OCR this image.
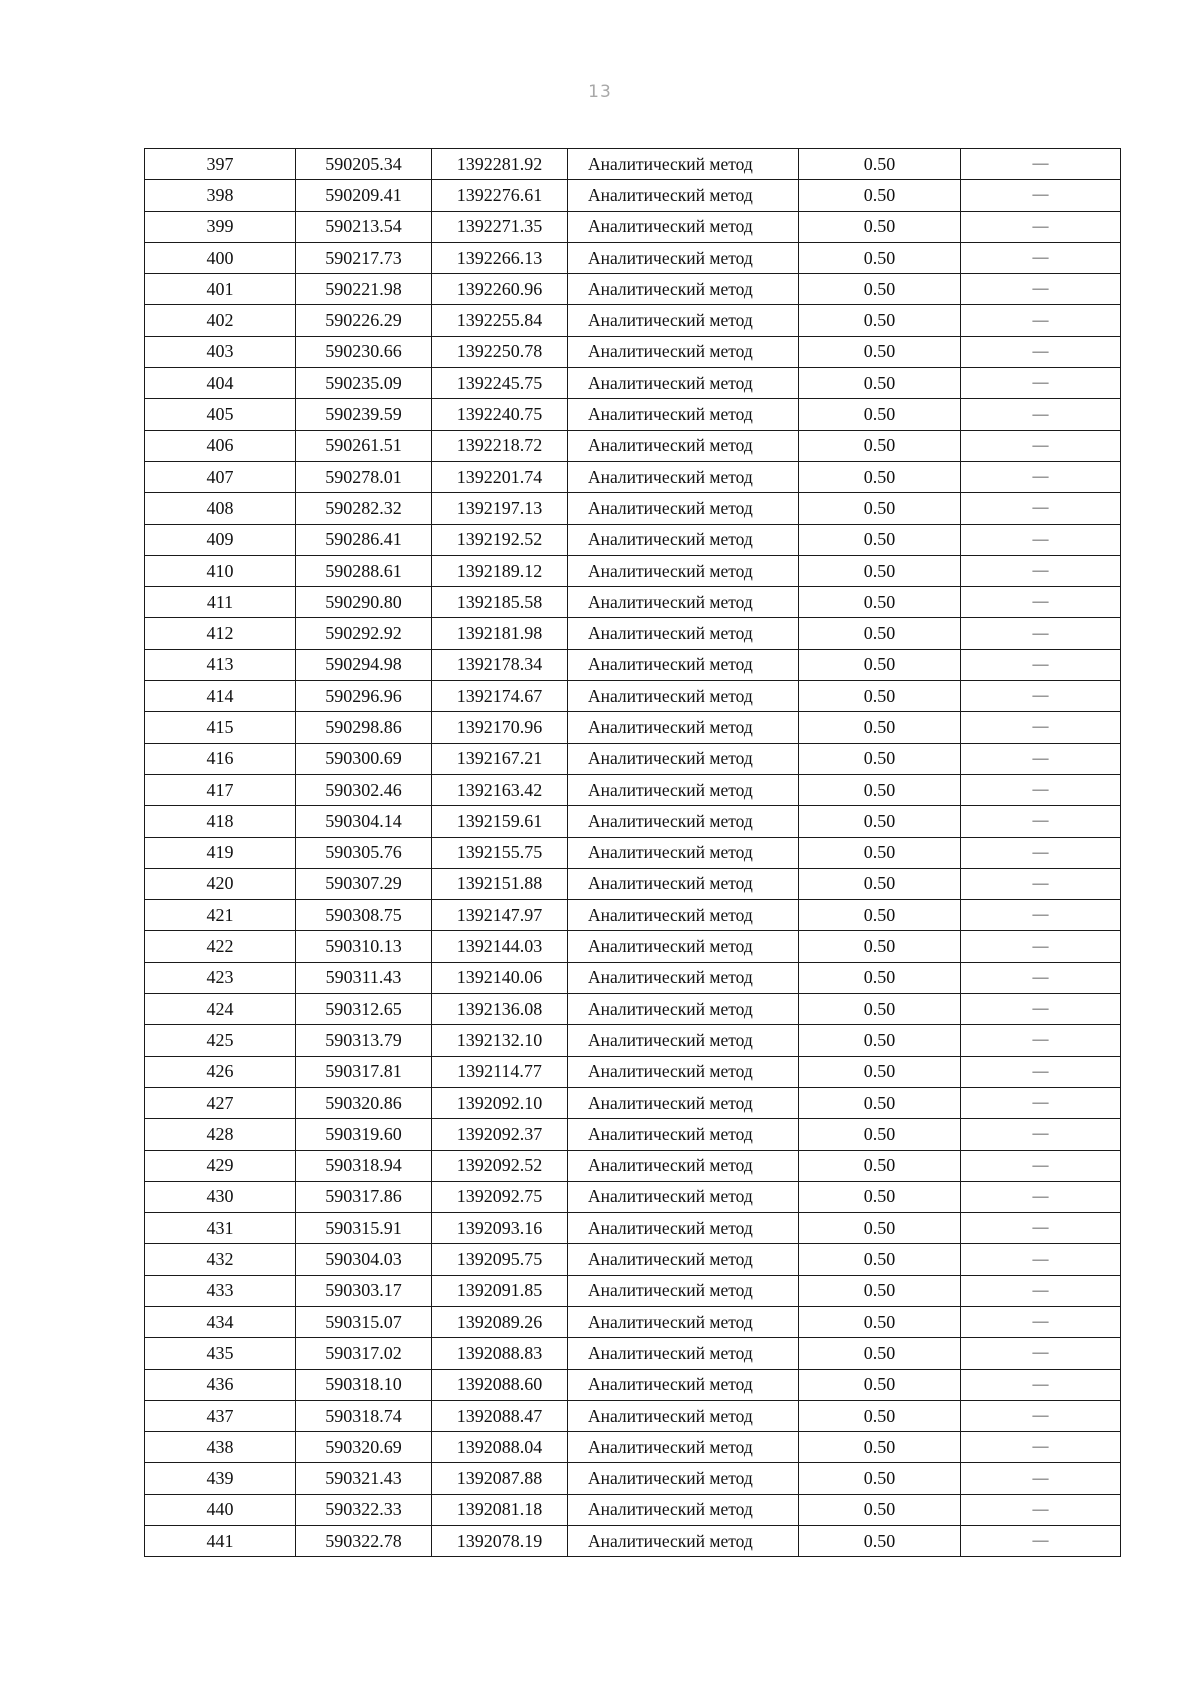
13
397	590205.34	1392281.92	Аналитический метод	0.50	—
398	590209.41	1392276.61	Аналитический метод	0.50	—
399	590213.54	1392271.35	Аналитический метод	0.50	—
400	590217.73	1392266.13	Аналитический метод	0.50	—
401	590221.98	1392260.96	Аналитический метод	0.50	—
402	590226.29	1392255.84	Аналитический метод	0.50	—
403	590230.66	1392250.78	Аналитический метод	0.50	—
404	590235.09	1392245.75	Аналитический метод	0.50	—
405	590239.59	1392240.75	Аналитический метод	0.50	—
406	590261.51	1392218.72	Аналитический метод	0.50	—
407	590278.01	1392201.74	Аналитический метод	0.50	—
408	590282.32	1392197.13	Аналитический метод	0.50	—
409	590286.41	1392192.52	Аналитический метод	0.50	—
410	590288.61	1392189.12	Аналитический метод	0.50	—
411	590290.80	1392185.58	Аналитический метод	0.50	—
412	590292.92	1392181.98	Аналитический метод	0.50	—
413	590294.98	1392178.34	Аналитический метод	0.50	—
414	590296.96	1392174.67	Аналитический метод	0.50	—
415	590298.86	1392170.96	Аналитический метод	0.50	—
416	590300.69	1392167.21	Аналитический метод	0.50	—
417	590302.46	1392163.42	Аналитический метод	0.50	—
418	590304.14	1392159.61	Аналитический метод	0.50	—
419	590305.76	1392155.75	Аналитический метод	0.50	—
420	590307.29	1392151.88	Аналитический метод	0.50	—
421	590308.75	1392147.97	Аналитический метод	0.50	—
422	590310.13	1392144.03	Аналитический метод	0.50	—
423	590311.43	1392140.06	Аналитический метод	0.50	—
424	590312.65	1392136.08	Аналитический метод	0.50	—
425	590313.79	1392132.10	Аналитический метод	0.50	—
426	590317.81	1392114.77	Аналитический метод	0.50	—
427	590320.86	1392092.10	Аналитический метод	0.50	—
428	590319.60	1392092.37	Аналитический метод	0.50	—
429	590318.94	1392092.52	Аналитический метод	0.50	—
430	590317.86	1392092.75	Аналитический метод	0.50	—
431	590315.91	1392093.16	Аналитический метод	0.50	—
432	590304.03	1392095.75	Аналитический метод	0.50	—
433	590303.17	1392091.85	Аналитический метод	0.50	—
434	590315.07	1392089.26	Аналитический метод	0.50	—
435	590317.02	1392088.83	Аналитический метод	0.50	—
436	590318.10	1392088.60	Аналитический метод	0.50	—
437	590318.74	1392088.47	Аналитический метод	0.50	—
438	590320.69	1392088.04	Аналитический метод	0.50	—
439	590321.43	1392087.88	Аналитический метод	0.50	—
440	590322.33	1392081.18	Аналитический метод	0.50	—
441	590322.78	1392078.19	Аналитический метод	0.50	—
